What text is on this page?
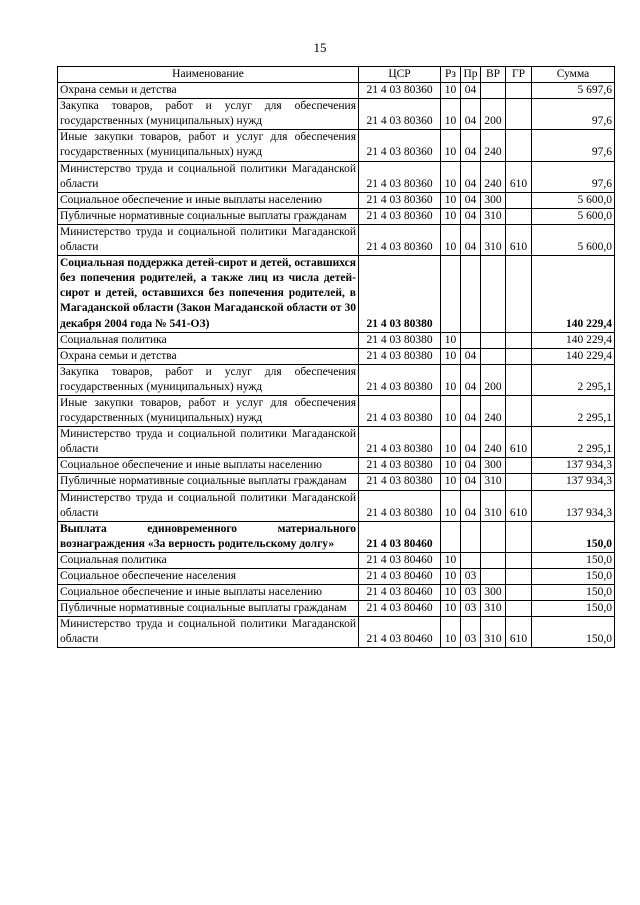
15
Наименование	ЦСР	Рз	Пр	ВР	ГР	Сумма
Охрана семьи и детства	21 4 03 80360	10	04			5 697,6
Закупка товаров, работ и услуг для обеспечения государственных (муниципальных) нужд	21 4 03 80360	10	04	200		97,6
Иные закупки товаров, работ и услуг для обеспечения государственных (муниципальных) нужд	21 4 03 80360	10	04	240		97,6
Министерство труда и социальной политики Магаданской области	21 4 03 80360	10	04	240	610	97,6
Социальное обеспечение и иные выплаты населению	21 4 03 80360	10	04	300		5 600,0
Публичные нормативные социальные выплаты гражданам	21 4 03 80360	10	04	310		5 600,0
Министерство труда и социальной политики Магаданской области	21 4 03 80360	10	04	310	610	5 600,0
Социальная поддержка детей-сирот и детей, оставшихся без попечения родителей, а также лиц из числа детей-сирот и детей, оставшихся без попечения родителей, в Магаданской области (Закон Магаданской области от 30 декабря 2004 года № 541-ОЗ)	21 4 03 80380					140 229,4
Социальная политика	21 4 03 80380	10				140 229,4
Охрана семьи и детства	21 4 03 80380	10	04			140 229,4
Закупка товаров, работ и услуг для обеспечения государственных (муниципальных) нужд	21 4 03 80380	10	04	200		2 295,1
Иные закупки товаров, работ и услуг для обеспечения государственных (муниципальных) нужд	21 4 03 80380	10	04	240		2 295,1
Министерство труда и социальной политики Магаданской области	21 4 03 80380	10	04	240	610	2 295,1
Социальное обеспечение и иные выплаты населению	21 4 03 80380	10	04	300		137 934,3
Публичные нормативные социальные выплаты гражданам	21 4 03 80380	10	04	310		137 934,3
Министерство труда и социальной политики Магаданской области	21 4 03 80380	10	04	310	610	137 934,3
Выплата единовременного материального вознаграждения «За верность родительскому долгу»	21 4 03 80460					150,0
Социальная политика	21 4 03 80460	10				150,0
Социальное обеспечение населения	21 4 03 80460	10	03			150,0
Социальное обеспечение и иные выплаты населению	21 4 03 80460	10	03	300		150,0
Публичные нормативные социальные выплаты гражданам	21 4 03 80460	10	03	310		150,0
Министерство труда и социальной политики Магаданской области	21 4 03 80460	10	03	310	610	150,0
